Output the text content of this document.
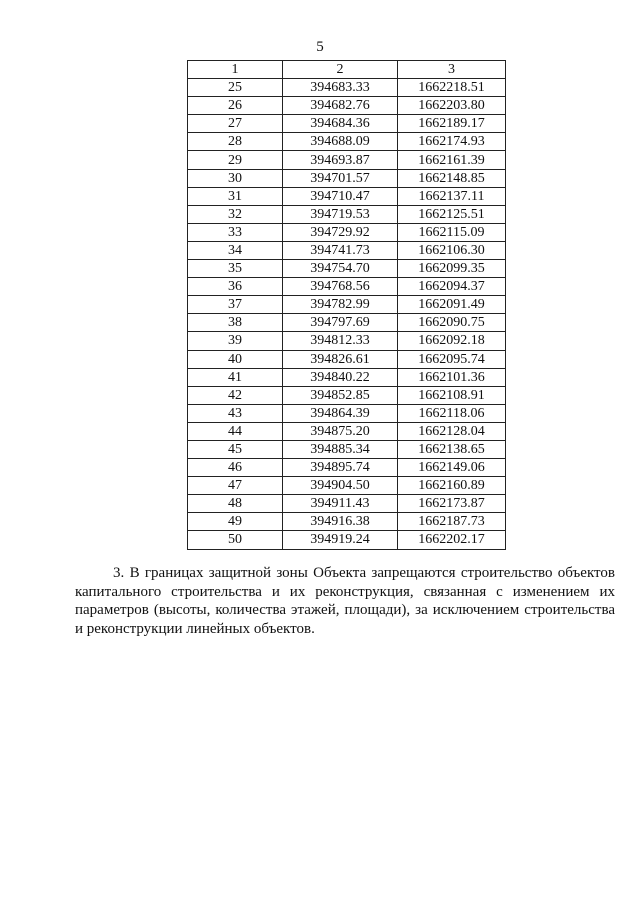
5
1	2	3
25	394683.33	1662218.51
26	394682.76	1662203.80
27	394684.36	1662189.17
28	394688.09	1662174.93
29	394693.87	1662161.39
30	394701.57	1662148.85
31	394710.47	1662137.11
32	394719.53	1662125.51
33	394729.92	1662115.09
34	394741.73	1662106.30
35	394754.70	1662099.35
36	394768.56	1662094.37
37	394782.99	1662091.49
38	394797.69	1662090.75
39	394812.33	1662092.18
40	394826.61	1662095.74
41	394840.22	1662101.36
42	394852.85	1662108.91
43	394864.39	1662118.06
44	394875.20	1662128.04
45	394885.34	1662138.65
46	394895.74	1662149.06
47	394904.50	1662160.89
48	394911.43	1662173.87
49	394916.38	1662187.73
50	394919.24	1662202.17

3. В границах защитной зоны Объекта запрещаются строительство объектов капитального строительства и их реконструкция, связанная с изменением их параметров (высоты, количества этажей, площади), за исключением строительства и реконструкции линейных объектов.
